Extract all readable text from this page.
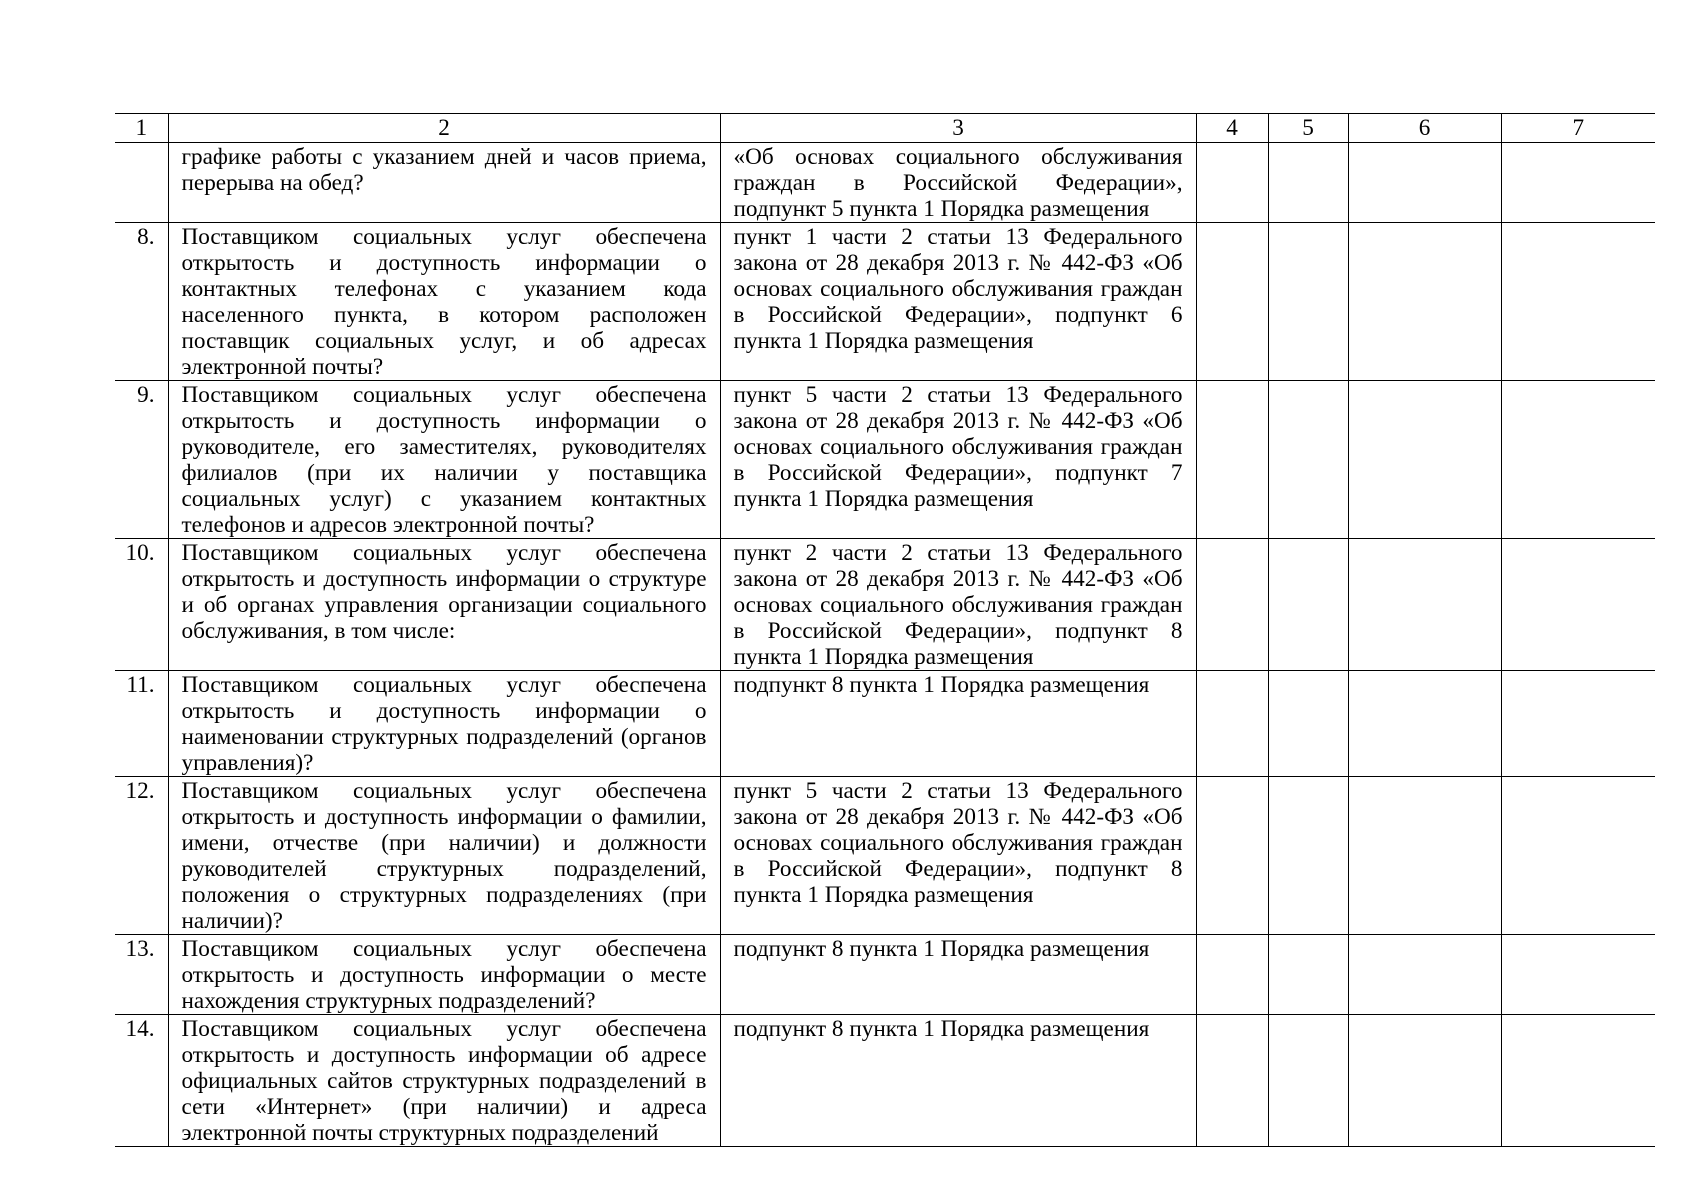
1	2	3	4	5	6	7
	графике работы с указанием дней и часов приема, перерыва на обед?	«Об основах социального обслуживания граждан в Российской Федерации», подпункт 5 пункта 1 Порядка размещения				
8.	Поставщиком социальных услуг обеспечена открытость и доступность информации о контактных телефонах с указанием кода населенного пункта, в котором расположен поставщик социальных услуг, и об адресах электронной почты?	пункт 1 части 2 статьи 13 Федерального закона от 28 декабря 2013 г. № 442-ФЗ «Об основах социального обслуживания граждан в Российской Федерации», подпункт 6 пункта 1 Порядка размещения				
9.	Поставщиком социальных услуг обеспечена открытость и доступность информации о руководителе, его заместителях, руководителях филиалов (при их наличии у поставщика социальных услуг) с указанием контактных телефонов и адресов электронной почты?	пункт 5 части 2 статьи 13 Федерального закона от 28 декабря 2013 г. № 442-ФЗ «Об основах социального обслуживания граждан в Российской Федерации», подпункт 7 пункта 1 Порядка размещения				
10.	Поставщиком социальных услуг обеспечена открытость и доступность информации о структуре и об органах управления организации социального обслуживания, в том числе:	пункт 2 части 2 статьи 13 Федерального закона от 28 декабря 2013 г. № 442-ФЗ «Об основах социального обслуживания граждан в Российской Федерации», подпункт 8 пункта 1 Порядка размещения				
11.	Поставщиком социальных услуг обеспечена открытость и доступность информации о наименовании структурных подразделений (органов управления)?	подпункт 8 пункта 1 Порядка размещения				
12.	Поставщиком социальных услуг обеспечена открытость и доступность информации о фамилии, имени, отчестве (при наличии) и должности руководителей структурных подразделений, положения о структурных подразделениях (при наличии)?	пункт 5 части 2 статьи 13 Федерального закона от 28 декабря 2013 г. № 442-ФЗ «Об основах социального обслуживания граждан в Российской Федерации», подпункт 8 пункта 1 Порядка размещения				
13.	Поставщиком социальных услуг обеспечена открытость и доступность информации о месте нахождения структурных подразделений?	подпункт 8 пункта 1 Порядка размещения				
14.	Поставщиком социальных услуг обеспечена открытость и доступность информации об адресе официальных сайтов структурных подразделений в сети «Интернет» (при наличии) и адреса электронной почты структурных подразделений	подпункт 8 пункта 1 Порядка размещения				
